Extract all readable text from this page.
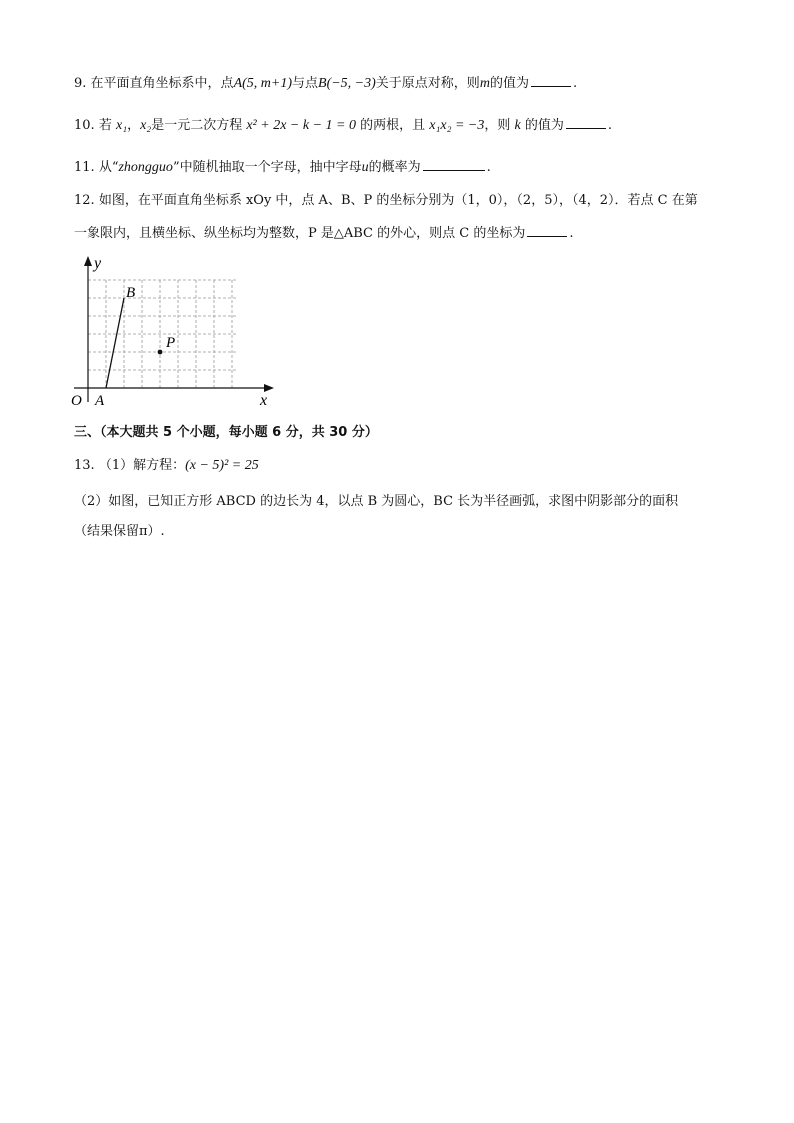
9. 在平面直角坐标系中，点A(5, m+1)与点B(−5, −3)关于原点对称，则m的值为	.
10. 若 x₁，x₂是一元二次方程 x² + 2x − k − 1 = 0 的两根，且 x₁x₂ = −3，则 k 的值为	.
11. 从“zhongguo”中随机抽取一个字母，抽中字母u的概率为	.
12. 如图，在平面直角坐标系 xOy 中，点 A、B、P 的坐标分别为（1，0），（2，5），（4，2）．若点 C 在第
一象限内，且横坐标、纵坐标均为整数，P 是△ABC 的外心，则点 C 的坐标为	.
y
x
O A
B
P
三、（本大题共 5 个小题，每小题 6 分，共 30 分）
13. （1）解方程：(x − 5)² = 25
（2）如图，已知正方形 ABCD 的边长为 4，以点 B 为圆心，BC 长为半径画弧，求图中阴影部分的面积
（结果保留π）.
